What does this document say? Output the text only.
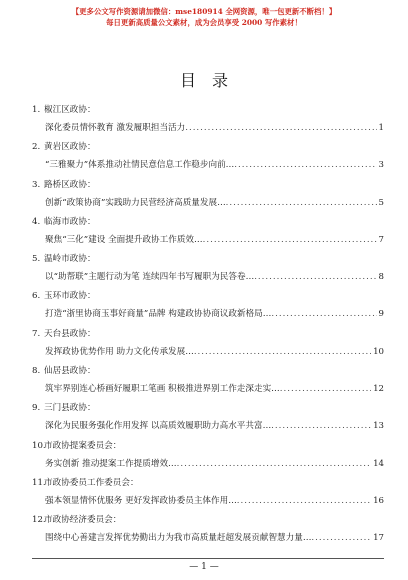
【更多公文写作资源请加微信：mse180914 全网资源，唯一包更新不断档！】
每日更新高质量公文素材，成为会员享受 2000 写作素材！
目录
1. 椒江区政协：
深化委员情怀教育 激发履职担当活力 .....	1
2. 黄岩区政协：
“三雅聚力”体系推动社情民意信息工作稳步向前… .....	3
3. 路桥区政协：
创新“政策协商”实践助力民营经济高质量发展… .....	5
4. 临海市政协：
聚焦“三化”建设 全面提升政协工作质效… .....	7
5. 温岭市政协：
以“助帮联”主题行动为笔 连续四年书写履职为民答卷… .....	8
6. 玉环市政协：
打造“浙里协商玉事好商量”品牌 构建政协协商议政新格局… .....	9
7. 天台县政协：
发挥政协优势作用 助力文化传承发展… .....	10
8. 仙居县政协：
筑牢界别连心桥画好履职工笔画 积极推进界别工作走深走实… .....	12
9. 三门县政协：
深化为民服务强化作用发挥 以高质效履职助力高水平共富… .....	13
10.
市政协提案委员会：
务实创新 推动提案工作提质增效… .....	14
11.
市政协委员工作委员会：
强本领显情怀优服务 更好发挥政协委员主体作用… .....	16
12.
市政协经济委员会：
围绕中心善建言发挥优势勤出力为我市高质量赶超发展贡献智慧力量… .....	17
— 1 —
